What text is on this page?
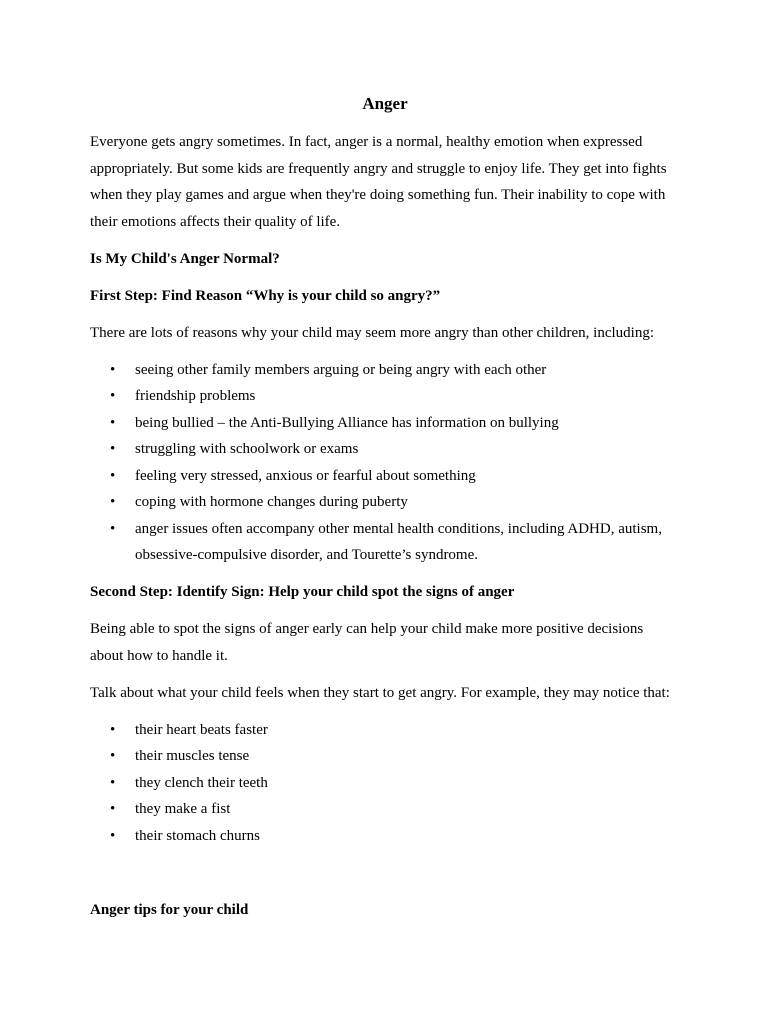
Anger

Everyone gets angry sometimes. In fact, anger is a normal, healthy emotion when expressed appropriately. But some kids are frequently angry and struggle to enjoy life. They get into fights when they play games and argue when they're doing something fun. Their inability to cope with their emotions affects their quality of life.

Is My Child's Anger Normal?

First Step: Find Reason “Why is your child so angry?”

There are lots of reasons why your child may seem more angry than other children, including:

• seeing other family members arguing or being angry with each other
• friendship problems
• being bullied – the Anti-Bullying Alliance has information on bullying
• struggling with schoolwork or exams
• feeling very stressed, anxious or fearful about something
• coping with hormone changes during puberty
• anger issues often accompany other mental health conditions, including ADHD, autism, obsessive-compulsive disorder, and Tourette’s syndrome.

Second Step: Identify Sign: Help your child spot the signs of anger

Being able to spot the signs of anger early can help your child make more positive decisions about how to handle it.

Talk about what your child feels when they start to get angry. For example, they may notice that:

• their heart beats faster
• their muscles tense
• they clench their teeth
• they make a fist
• their stomach churns

Anger tips for your child
